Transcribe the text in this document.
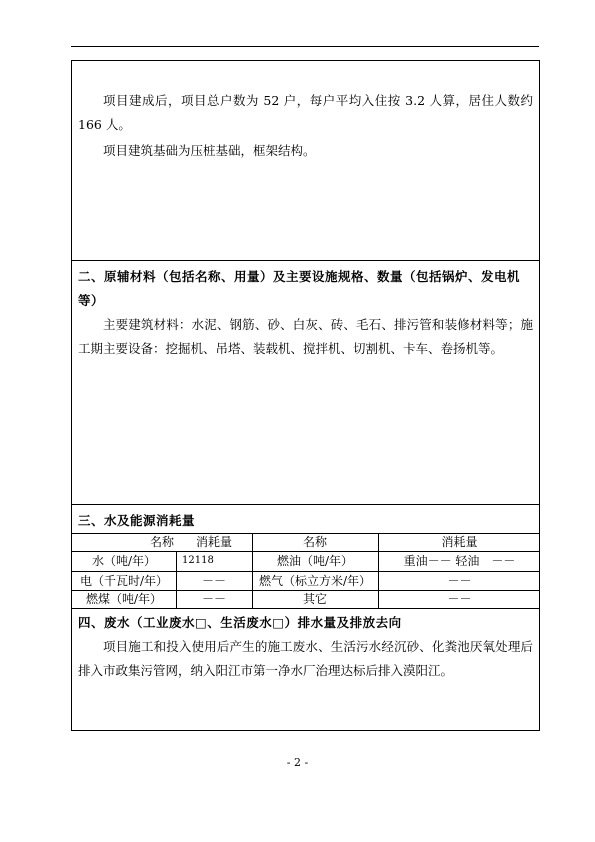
项目建成后，项目总户数为 52 户，每户平均入住按 3.2 人算，居住人数约 166 人。
项目建筑基础为压桩基础，框架结构。
二、原辅材料（包括名称、用量）及主要设施规格、数量（包括锅炉、发电机等）
主要建筑材料：水泥、钢筋、砂、白灰、砖、毛石、排污管和装修材料等；施工期主要设备：挖掘机、吊塔、装载机、搅拌机、切割机、卡车、卷扬机等。
三、水及能源消耗量
名称	消耗量	名称	消耗量
水（吨/年）	12118	燃油（吨/年）	重油－－ 轻油　－－
电（千瓦时/年）	－－	燃气（标立方米/年）	－－
燃煤（吨/年）	－－	其它	－－
四、废水（工业废水□、生活废水□）排水量及排放去向
项目施工和投入使用后产生的施工废水、生活污水经沉砂、化粪池厌氧处理后排入市政集污管网，纳入阳江市第一净水厂治理达标后排入漠阳江。
- 2 -
